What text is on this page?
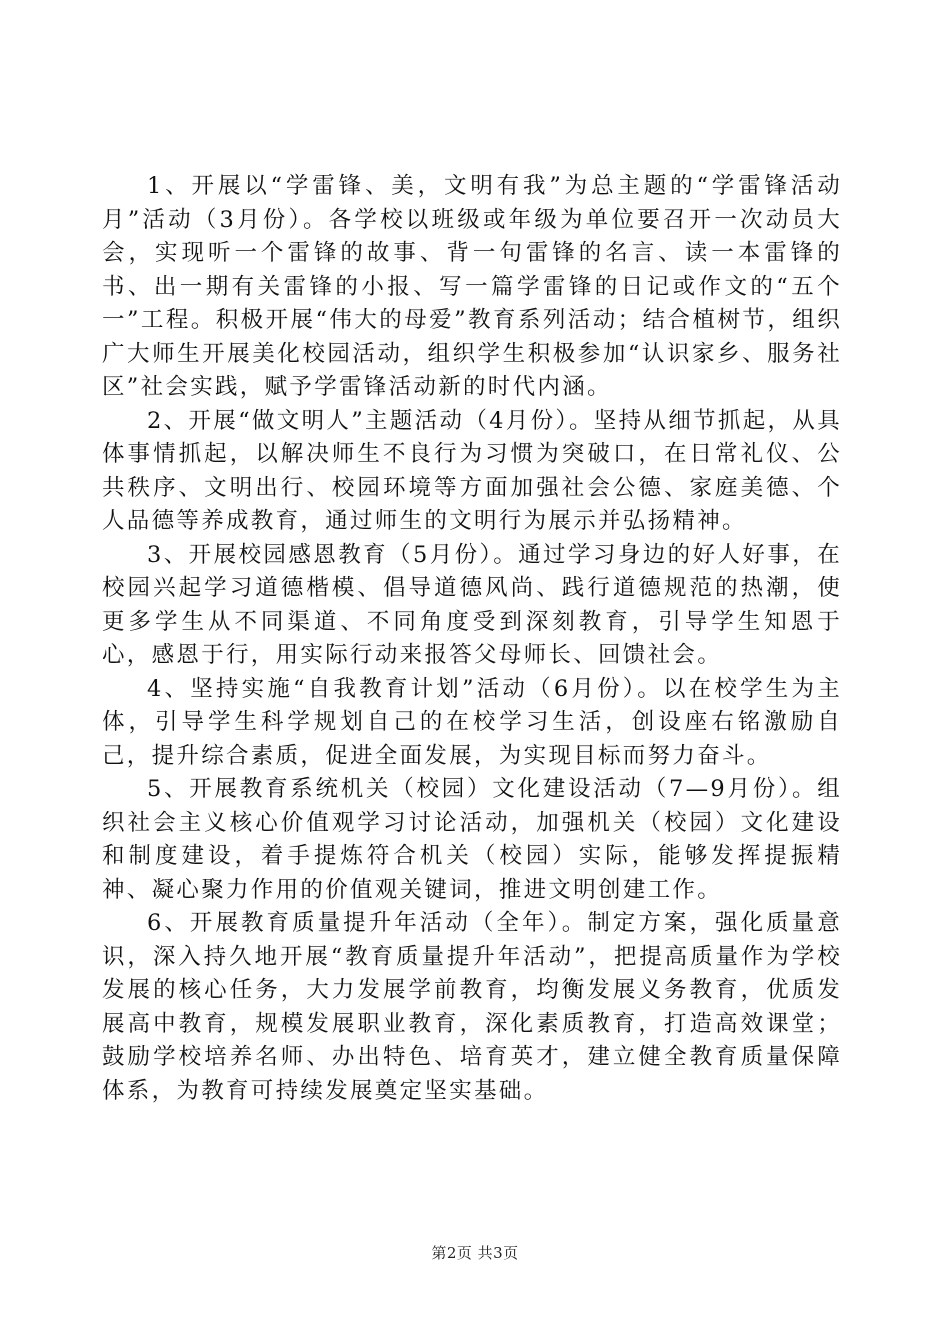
1、开展以“学雷锋、美，文明有我”为总主题的“学雷锋活动月”活动（3月份）。各学校以班级或年级为单位要召开一次动员大会，实现听一个雷锋的故事、背一句雷锋的名言、读一本雷锋的书、出一期有关雷锋的小报、写一篇学雷锋的日记或作文的“五个一”工程。积极开展“伟大的母爱”教育系列活动；结合植树节，组织广大师生开展美化校园活动，组织学生积极参加“认识家乡、服务社区”社会实践，赋予学雷锋活动新的时代内涵。

2、开展“做文明人”主题活动（4月份）。坚持从细节抓起，从具体事情抓起，以解决师生不良行为习惯为突破口，在日常礼仪、公共秩序、文明出行、校园环境等方面加强社会公德、家庭美德、个人品德等养成教育，通过师生的文明行为展示并弘扬精神。

3、开展校园感恩教育（5月份）。通过学习身边的好人好事，在校园兴起学习道德楷模、倡导道德风尚、践行道德规范的热潮，使更多学生从不同渠道、不同角度受到深刻教育，引导学生知恩于心，感恩于行，用实际行动来报答父母师长、回馈社会。

4、坚持实施“自我教育计划”活动（6月份）。以在校学生为主体，引导学生科学规划自己的在校学习生活，创设座右铭激励自己，提升综合素质，促进全面发展，为实现目标而努力奋斗。

5、开展教育系统机关（校园）文化建设活动（7—9月份）。组织社会主义核心价值观学习讨论活动，加强机关（校园）文化建设和制度建设，着手提炼符合机关（校园）实际，能够发挥提振精神、凝心聚力作用的价值观关键词，推进文明创建工作。

6、开展教育质量提升年活动（全年）。制定方案，强化质量意识，深入持久地开展“教育质量提升年活动”，把提高质量作为学校发展的核心任务，大力发展学前教育，均衡发展义务教育，优质发展高中教育，规模发展职业教育，深化素质教育，打造高效课堂；鼓励学校培养名师、办出特色、培育英才，建立健全教育质量保障体系，为教育可持续发展奠定坚实基础。

第2页 共3页
